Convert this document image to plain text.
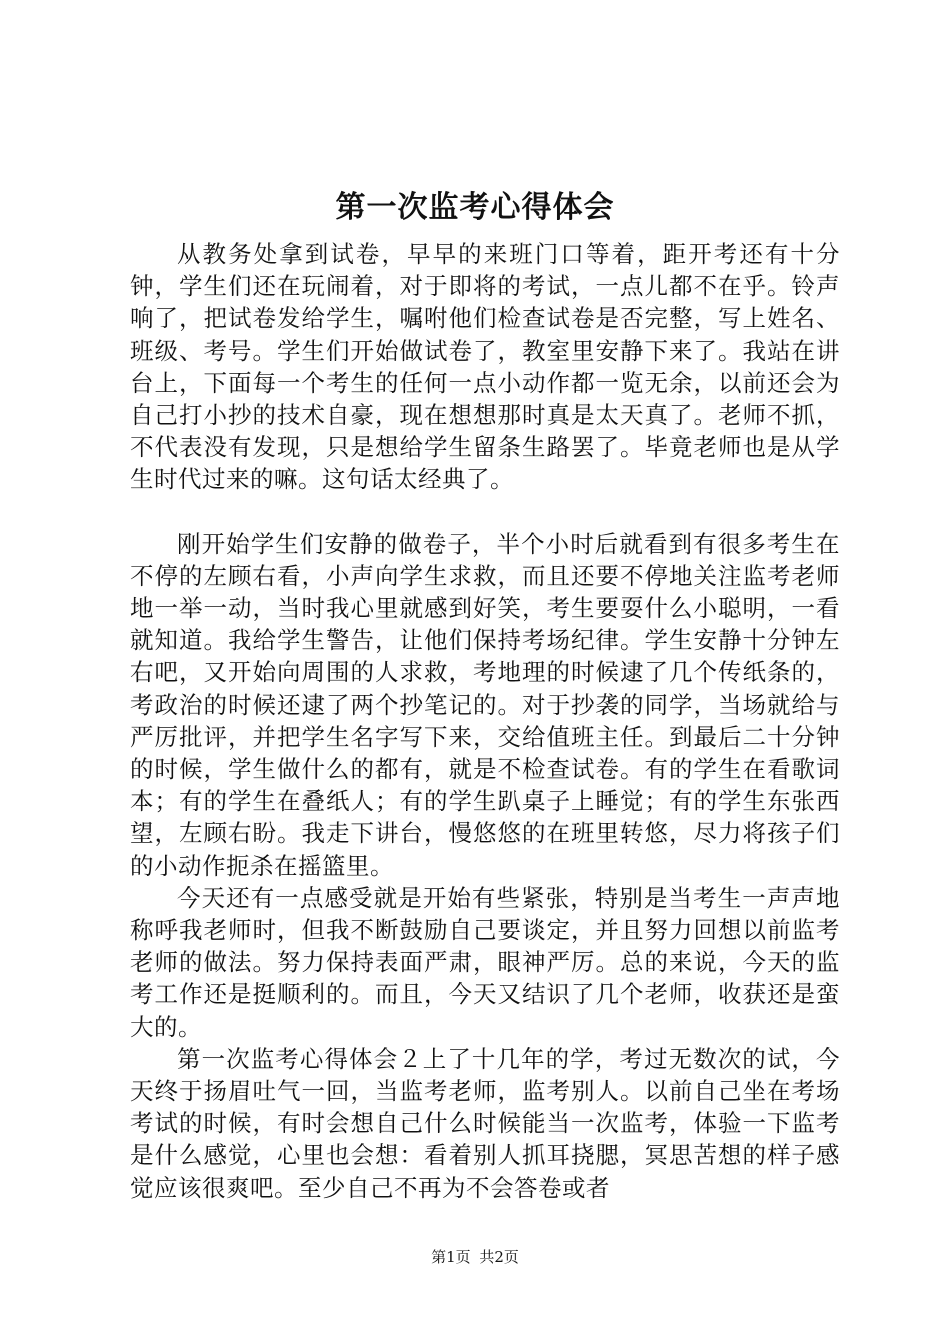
第一次监考心得体会

从教务处拿到试卷，早早的来班门口等着，距开考还有十分钟，学生们还在玩闹着，对于即将的考试，一点儿都不在乎。铃声响了，把试卷发给学生，嘱咐他们检查试卷是否完整，写上姓名、班级、考号。学生们开始做试卷了，教室里安静下来了。我站在讲台上，下面每一个考生的任何一点小动作都一览无余，以前还会为自己打小抄的技术自豪，现在想想那时真是太天真了。老师不抓，不代表没有发现，只是想给学生留条生路罢了。毕竟老师也是从学生时代过来的嘛。这句话太经典了。

刚开始学生们安静的做卷子，半个小时后就看到有很多考生在不停的左顾右看，小声向学生求救，而且还要不停地关注监考老师地一举一动，当时我心里就感到好笑，考生要耍什么小聪明，一看就知道。我给学生警告，让他们保持考场纪律。学生安静十分钟左右吧，又开始向周围的人求救，考地理的时候逮了几个传纸条的，考政治的时候还逮了两个抄笔记的。对于抄袭的同学，当场就给与严厉批评，并把学生名字写下来，交给值班主任。到最后二十分钟的时候，学生做什么的都有，就是不检查试卷。有的学生在看歌词本；有的学生在叠纸人；有的学生趴桌子上睡觉；有的学生东张西望，左顾右盼。我走下讲台，慢悠悠的在班里转悠，尽力将孩子们的小动作扼杀在摇篮里。

今天还有一点感受就是开始有些紧张，特别是当考生一声声地称呼我老师时，但我不断鼓励自己要谈定，并且努力回想以前监考老师的做法。努力保持表面严肃，眼神严厉。总的来说，今天的监考工作还是挺顺利的。而且，今天又结识了几个老师，收获还是蛮大的。

第一次监考心得体会２上了十几年的学，考过无数次的试，今天终于扬眉吐气一回，当监考老师，监考别人。以前自己坐在考场考试的时候，有时会想自己什么时候能当一次监考，体验一下监考是什么感觉，心里也会想：看着别人抓耳挠腮，冥思苦想的样子感觉应该很爽吧。至少自己不再为不会答卷或者

第1页 共2页
